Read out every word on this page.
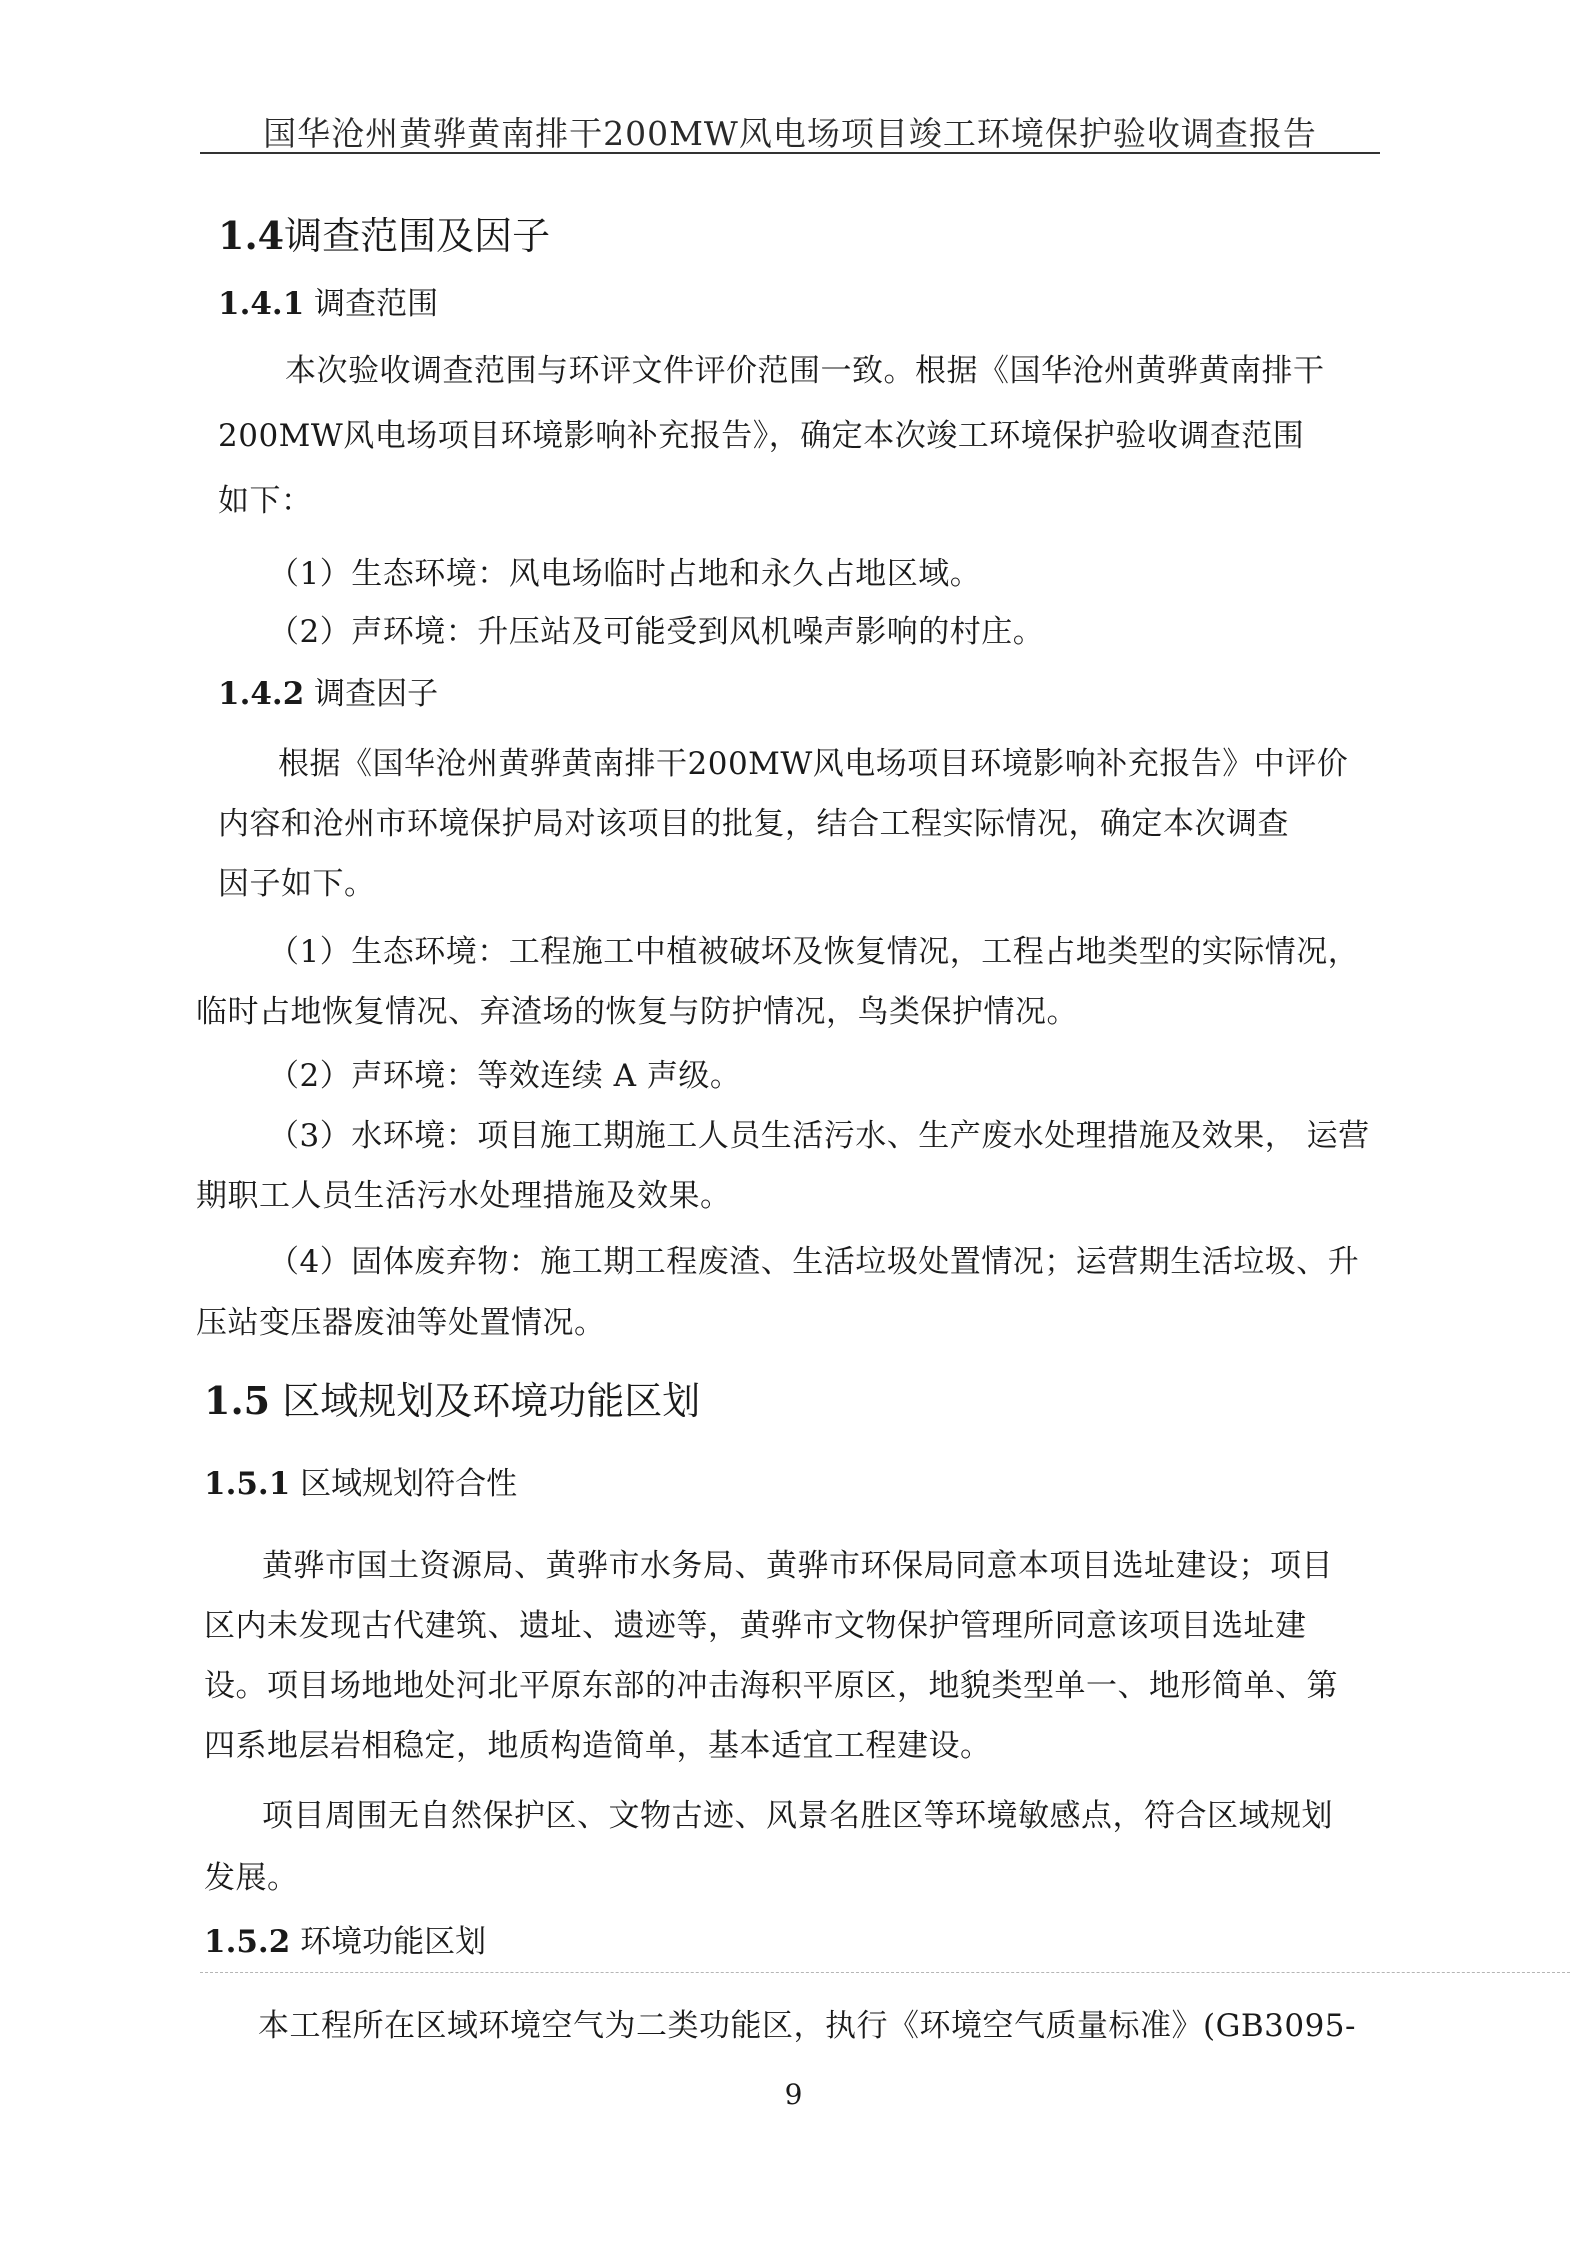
国华沧州黄骅黄南排干200MW风电场项目竣工环境保护验收调查报告
1.4调查范围及因子
1.4.1 调查范围
本次验收调查范围与环评文件评价范围一致。根据《国华沧州黄骅黄南排干
200MW风电场项目环境影响补充报告》，确定本次竣工环境保护验收调查范围
如下：
（1）生态环境：风电场临时占地和永久占地区域。
（2）声环境：升压站及可能受到风机噪声影响的村庄。
1.4.2 调查因子
根据《国华沧州黄骅黄南排干200MW风电场项目环境影响补充报告》中评价
内容和沧州市环境保护局对该项目的批复，结合工程实际情况，确定本次调查
因子如下。
（1）生态环境：工程施工中植被破坏及恢复情况，工程占地类型的实际情况，
临时占地恢复情况、弃渣场的恢复与防护情况，鸟类保护情况。
（2）声环境：等效连续 A 声级。
（3）水环境：项目施工期施工人员生活污水、生产废水处理措施及效果， 运营
期职工人员生活污水处理措施及效果。
（4）固体废弃物：施工期工程废渣、生活垃圾处置情况；运营期生活垃圾、升
压站变压器废油等处置情况。
1.5 区域规划及环境功能区划
1.5.1 区域规划符合性
黄骅市国土资源局、黄骅市水务局、黄骅市环保局同意本项目选址建设；项目
区内未发现古代建筑、遗址、遗迹等，黄骅市文物保护管理所同意该项目选址建
设。项目场地地处河北平原东部的冲击海积平原区，地貌类型单一、地形简单、第
四系地层岩相稳定，地质构造简单，基本适宜工程建设。
项目周围无自然保护区、文物古迹、风景名胜区等环境敏感点，符合区域规划
发展。
1.5.2 环境功能区划
本工程所在区域环境空气为二类功能区，执行《环境空气质量标准》(GB3095-
9
